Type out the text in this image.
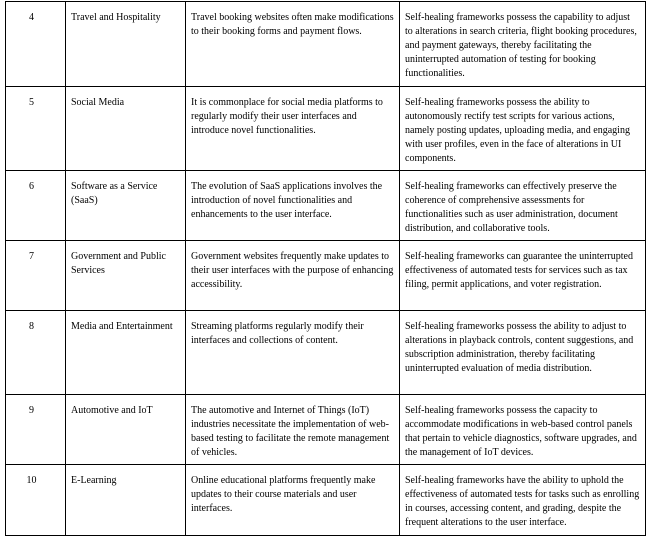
4	Travel and Hospitality	Travel booking websites often make modifications to their booking forms and payment flows.	Self-healing frameworks possess the capability to adjust to alterations in search criteria, flight booking procedures, and payment gateways, thereby facilitating the uninterrupted automation of testing for booking functionalities.

5	Social Media	It is commonplace for social media platforms to regularly modify their user interfaces and introduce novel functionalities.	Self-healing frameworks possess the ability to autonomously rectify test scripts for various actions, namely posting updates, uploading media, and engaging with user profiles, even in the face of alterations in UI components.

6	Software as a Service (SaaS)	The evolution of SaaS applications involves the introduction of novel functionalities and enhancements to the user interface.	Self-healing frameworks can effectively preserve the coherence of comprehensive assessments for functionalities such as user administration, document distribution, and collaborative tools.

7	Government and Public Services	Government websites frequently make updates to their user interfaces with the purpose of enhancing accessibility.	Self-healing frameworks can guarantee the uninterrupted effectiveness of automated tests for services such as tax filing, permit applications, and voter registration.

8	Media and Entertainment	Streaming platforms regularly modify their interfaces and collections of content.	Self-healing frameworks possess the ability to adjust to alterations in playback controls, content suggestions, and subscription administration, thereby facilitating uninterrupted evaluation of media distribution.

9	Automotive and IoT	The automotive and Internet of Things (IoT) industries necessitate the implementation of web-based testing to facilitate the remote management of vehicles.	Self-healing frameworks possess the capacity to accommodate modifications in web-based control panels that pertain to vehicle diagnostics, software upgrades, and the management of IoT devices.

10	E-Learning	Online educational platforms frequently make updates to their course materials and user interfaces.	Self-healing frameworks have the ability to uphold the effectiveness of automated tests for tasks such as enrolling in courses, accessing content, and grading, despite the frequent alterations to the user interface.
